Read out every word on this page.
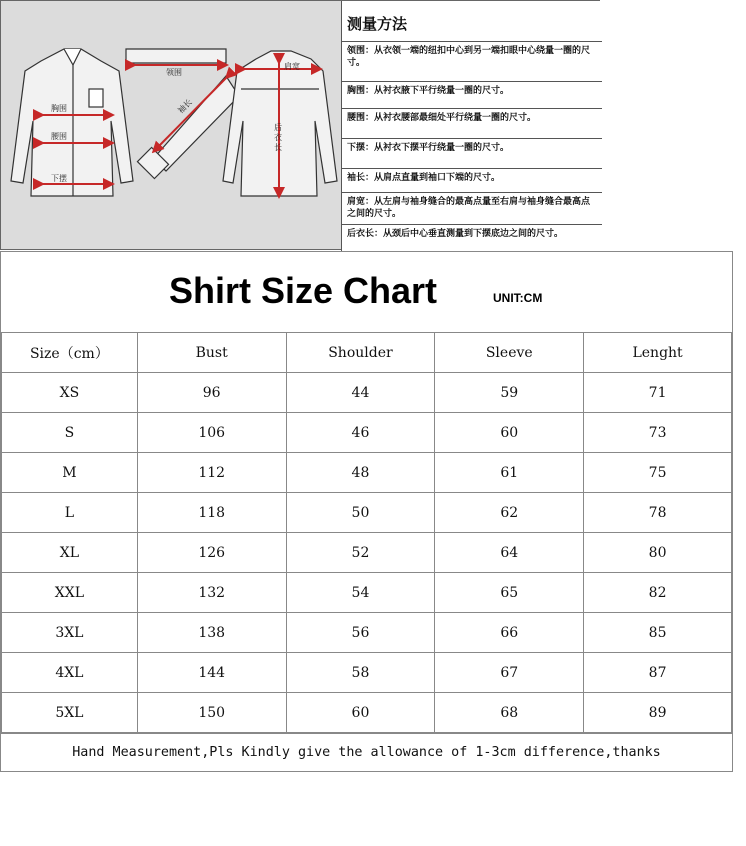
领围
胸围
腰围
下摆
袖长
肩宽
后衣长
测量方法
领围：从衣领一端的纽扣中心到另一端扣眼中心绕量一圈的尺寸。
胸围：从衬衣腋下平行绕量一圈的尺寸。
腰围：从衬衣腰部最细处平行绕量一圈的尺寸。
下摆：从衬衣下摆平行绕量一圈的尺寸。
袖长：从肩点直量到袖口下端的尺寸。
肩宽：从左肩与袖身缝合的最高点量至右肩与袖身缝合最高点之间的尺寸。
后衣长：从颈后中心垂直测量到下摆底边之间的尺寸。
Shirt Size Chart	UNIT:CM
Size（cm）	Bust	Shoulder	Sleeve	Lenght
XS	96	44	59	71
S	106	46	60	73
M	112	48	61	75
L	118	50	62	78
XL	126	52	64	80
XXL	132	54	65	82
3XL	138	56	66	85
4XL	144	58	67	87
5XL	150	60	68	89
Hand Measurement,Pls Kindly give the allowance of 1-3cm difference,thanks
